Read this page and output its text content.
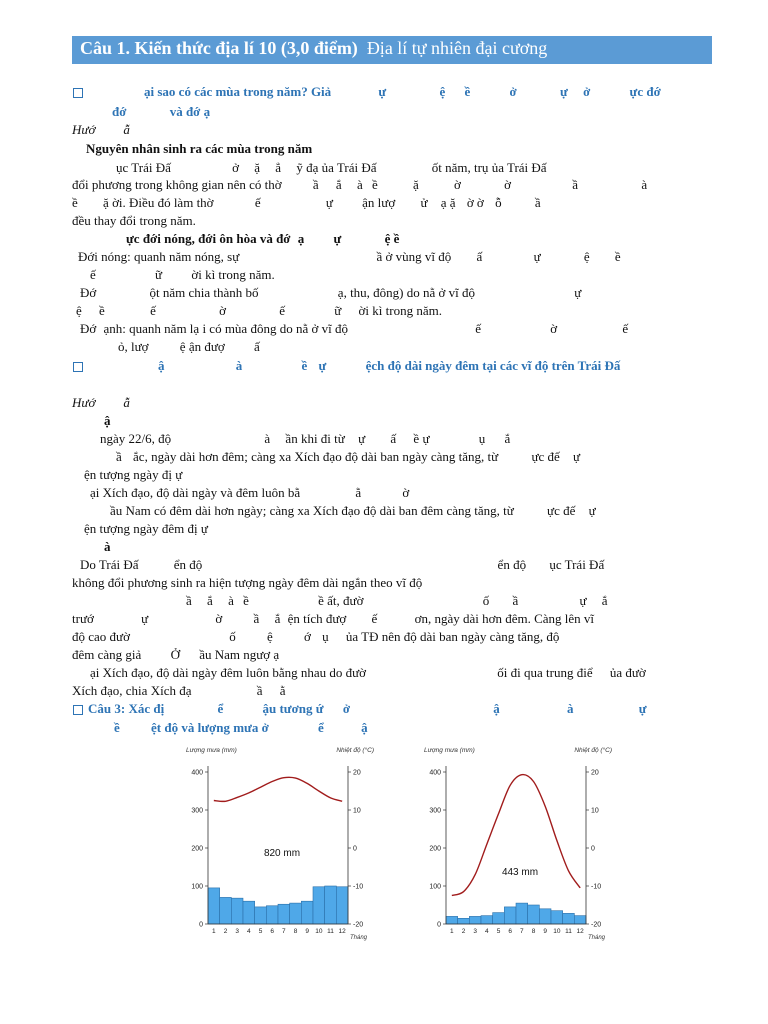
Câu 1. Kiến thức địa lí 10 (3,0 điểm) Địa lí tự nhiên đại cương
ại sao có các mùa trong năm? Giả	ự	ệ ề	ở	ự ở	ực đớ
đớ	và đớ ạ
Hướ ẫ
Nguyên nhân sinh ra các mùa trong năm
ục Trái Đấ	ở ặ ẳ ỹ đạ ủa Trái Đấ	ốt năm, trụ ủa Trái Đấ
đổi phương trong không gian nên có thờ ầ ắ à ề	ặ	ờ	ờ	ầ	à
ề ặ ời. Điều đó làm thờ	ế	ự ận lượ ử ạ ặ ờ ờ ỗ	ầ
đều thay đổi trong năm.
ực đới nóng, đới ôn hòa và đớ ạ ự	ệ ề
Đới nóng: quanh năm nóng, sự	ầ ở vùng vĩ độ ấ	ự	ệ ề
ế	ữ ời kì trong năm.
Đớ	ột năm chia thành bố	ạ, thu, đông) do nằ ở vĩ độ	ự
ệ ề	ế	ờ	ế	ữ ời kì trong năm.
Đớ ạnh: quanh năm lạ i có mùa đông do nằ ở vĩ độ	ế	ờ	ế
ỏ, lượ ệ ận đượ ấ
ậ	à	ề ự	ệch độ dài ngày đêm tại các vĩ độ trên Trái Đấ
Hướ ẫ
ậ
ngày 22/6, độ	à ần khi đi từ ự ấ ề ự	ụ ắ
ầ ắc, ngày dài hơn đêm; càng xa Xích đạo độ dài ban ngày càng tăng, từ	ực đế ự
ện tượng ngày đị ự
ại Xích đạo, độ dài ngày và đêm luôn bằ	ằ	ờ
ầu Nam có đêm dài hơn ngày; càng xa Xích đạo độ dài ban đêm càng tăng, từ	ực đế ự
ện tượng ngày đêm đị ự
à
Do Trái Đấ	ển độ	ển độ ục Trái Đấ
không đổi phương sinh ra hiện tượng ngày đêm dài ngắn theo vĩ độ
ầ ắ à ề	ề ất, đườ	ố ầ	ự ắ
trướ	ự	ờ ầ ắ ện tích đượ ế	ơn, ngày dài hơn đêm. Càng lên vĩ
độ cao đườ	ố ệ ớ ụ ủa TĐ nên độ dài ban ngày càng tăng, độ
đêm càng giả Ở ầu Nam ngượ ạ
ại Xích đạo, độ dài ngày đêm luôn bằng nhau do đườ	ối đi qua trung điể ủa đườ
Xích đạo, chia Xích đạ	ầ ằ
Câu 3: Xác đị	ể	ậu tương ứ ở	ậ	à	ự
ề ệt độ và lượng mưa ở	ể	ậ
Lượng mưa (mm)	Nhiệt độ (°C)
0
100
200
300
400
-20
-10
0
10
20
1 2 3 4 5 6 7 8 9 10 11 12
Tháng
820 mm
Lượng mưa (mm)	Nhiệt độ (°C)
0
100
200
300
400
-20
-10
0
10
20
1 2 3 4 5 6 7 8 9 10 11 12
Tháng
443 mm
